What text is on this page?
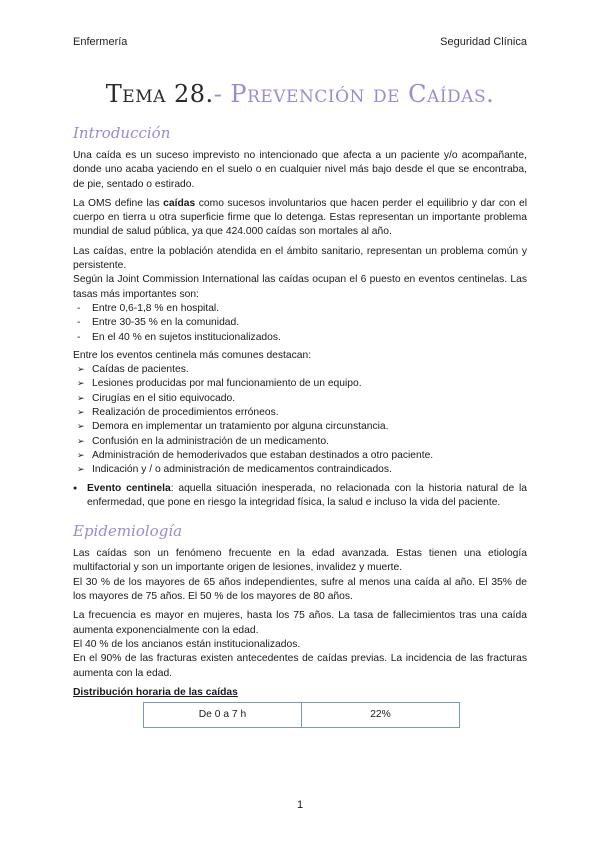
Enfermería	Seguridad Clínica
Tema 28.- Prevención de Caídas.
Introducción

Una caída es un suceso imprevisto no intencionado que afecta a un paciente y/o acompañante, donde uno acaba yaciendo en el suelo o en cualquier nivel más bajo desde el que se encontraba, de pie, sentado o estirado.

La OMS define las caídas como sucesos involuntarios que hacen perder el equilibrio y dar con el cuerpo en tierra u otra superficie firme que lo detenga. Estas representan un importante problema mundial de salud pública, ya que 424.000 caídas son mortales al año.

Las caídas, entre la población atendida en el ámbito sanitario, representan un problema común y persistente.

Según la Joint Commission International las caídas ocupan el 6 puesto en eventos centinelas. Las tasas más importantes son:

- Entre 0,6-1,8 % en hospital.
- Entre 30-35 % en la comunidad.
- En el 40 % en sujetos institucionalizados.

Entre los eventos centinela más comunes destacan:

➢ Caídas de pacientes.
➢ Lesiones producidas por mal funcionamiento de un equipo.
➢ Cirugías en el sitio equivocado.
➢ Realización de procedimientos erróneos.
➢ Demora en implementar un tratamiento por alguna circunstancia.
➢ Confusión en la administración de un medicamento.
➢ Administración de hemoderivados que estaban destinados a otro paciente.
➢ Indicación y / o administración de medicamentos contraindicados.
● Evento centinela: aquella situación inesperada, no relacionada con la historia natural de la enfermedad, que pone en riesgo la integridad física, la salud e incluso la vida del paciente.
Epidemiología

Las caídas son un fenómeno frecuente en la edad avanzada. Estas tienen una etiología multifactorial y son un importante origen de lesiones, invalidez y muerte.

El 30 % de los mayores de 65 años independientes, sufre al menos una caída al año. El 35% de los mayores de 75 años. El 50 % de los mayores de 80 años.

La frecuencia es mayor en mujeres, hasta los 75 años. La tasa de fallecimientos tras una caída aumenta exponencialmente con la edad.

El 40 % de los ancianos están institucionalizados.

En el 90% de las fracturas existen antecedentes de caídas previas. La incidencia de las fracturas aumenta con la edad.

Distribución horaria de las caídas
De 0 a 7 h	22%
1
